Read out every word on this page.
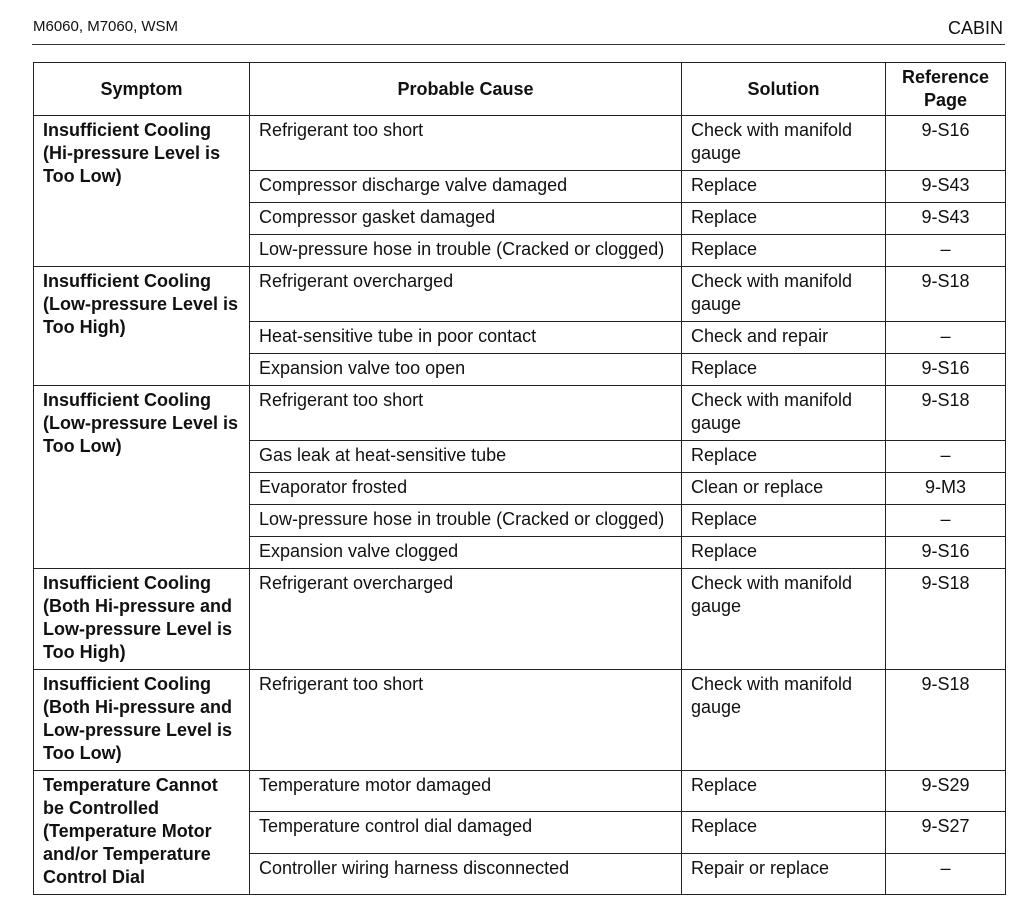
M6060, M7060, WSM	CABIN
Symptom	Probable Cause	Solution	Reference Page
Insufficient Cooling (Hi-pressure Level is Too Low)	Refrigerant too short	Check with manifold gauge	9-S16
	Compressor discharge valve damaged	Replace	9-S43
	Compressor gasket damaged	Replace	9-S43
	Low-pressure hose in trouble (Cracked or clogged)	Replace	–
Insufficient Cooling (Low-pressure Level is Too High)	Refrigerant overcharged	Check with manifold gauge	9-S18
	Heat-sensitive tube in poor contact	Check and repair	–
	Expansion valve too open	Replace	9-S16
Insufficient Cooling (Low-pressure Level is Too Low)	Refrigerant too short	Check with manifold gauge	9-S18
	Gas leak at heat-sensitive tube	Replace	–
	Evaporator frosted	Clean or replace	9-M3
	Low-pressure hose in trouble (Cracked or clogged)	Replace	–
	Expansion valve clogged	Replace	9-S16
Insufficient Cooling (Both Hi-pressure and Low-pressure Level is Too High)	Refrigerant overcharged	Check with manifold gauge	9-S18
Insufficient Cooling (Both Hi-pressure and Low-pressure Level is Too Low)	Refrigerant too short	Check with manifold gauge	9-S18
Temperature Cannot be Controlled (Temperature Motor and/or Temperature Control Dial	Temperature motor damaged	Replace	9-S29
	Temperature control dial damaged	Replace	9-S27
	Controller wiring harness disconnected	Repair or replace	–
